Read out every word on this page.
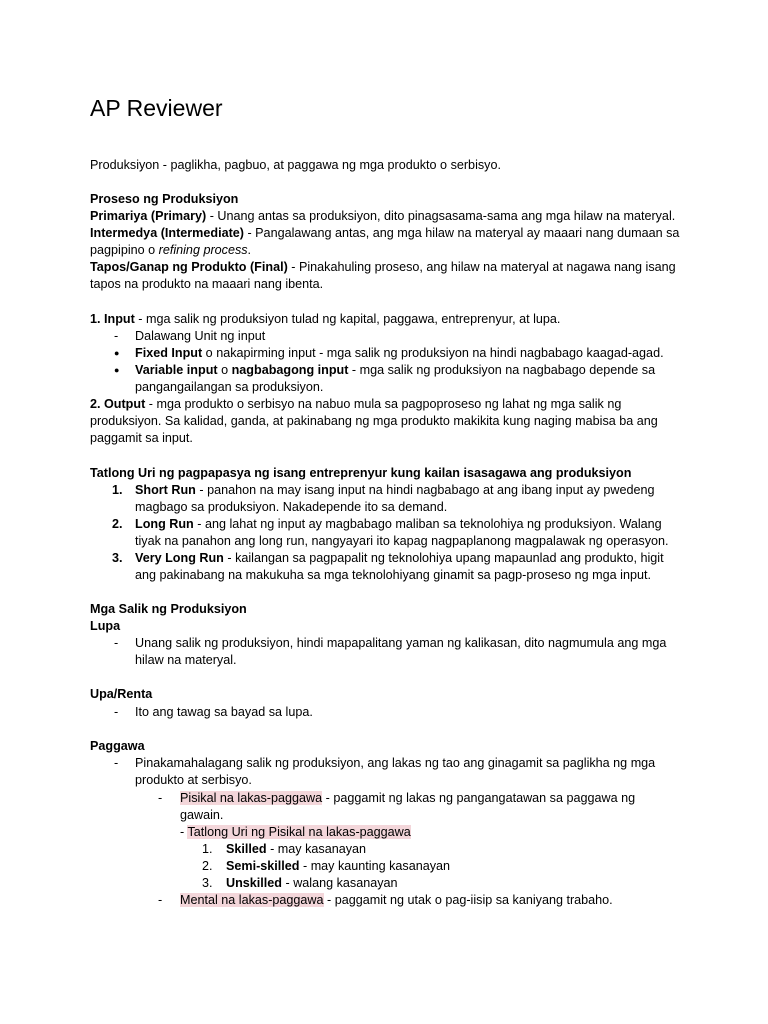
AP Reviewer
Produksiyon - paglikha, pagbuo, at paggawa ng mga produkto o serbisyo.
Proseso ng Produksiyon
Primariya (Primary) - Unang antas sa produksiyon, dito pinagsasama-sama ang mga hilaw na materyal.
Intermedya (Intermediate) - Pangalawang antas, ang mga hilaw na materyal ay maaari nang dumaan sa
pagpipino o refining process.
Tapos/Ganap ng Produkto (Final) - Pinakahuling proseso, ang hilaw na materyal at nagawa nang isang
tapos na produkto na maaari nang ibenta.
1. Input - mga salik ng produksiyon tulad ng kapital, paggawa, entreprenyur, at lupa.
- Dalawang Unit ng input
● Fixed Input o nakapirming input - mga salik ng produksiyon na hindi nagbabago kaagad-agad.
● Variable input o nagbabagong input - mga salik ng produksiyon na nagbabago depende sa
pangangailangan sa produksiyon.
2. Output - mga produkto o serbisyo na nabuo mula sa pagpoproseso ng lahat ng mga salik ng
produksiyon. Sa kalidad, ganda, at pakinabang ng mga produkto makikita kung naging mabisa ba ang
paggamit sa input.
Tatlong Uri ng pagpapasya ng isang entreprenyur kung kailan isasagawa ang produksiyon
1. Short Run - panahon na may isang input na hindi nagbabago at ang ibang input ay pwedeng
magbago sa produksiyon. Nakadepende ito sa demand.
2. Long Run - ang lahat ng input ay magbabago maliban sa teknolohiya ng produksiyon. Walang
tiyak na panahon ang long run, nangyayari ito kapag nagpaplanong magpalawak ng operasyon.
3. Very Long Run - kailangan sa pagpapalit ng teknolohiya upang mapaunlad ang produkto, higit
ang pakinabang na makukuha sa mga teknolohiyang ginamit sa pagp-proseso ng mga input.
Mga Salik ng Produksiyon
Lupa
- Unang salik ng produksiyon, hindi mapapalitang yaman ng kalikasan, dito nagmumula ang mga
hilaw na materyal.
Upa/Renta
- Ito ang tawag sa bayad sa lupa.
Paggawa
- Pinakamahalagang salik ng produksiyon, ang lakas ng tao ang ginagamit sa paglikha ng mga
produkto at serbisyo.
- Pisikal na lakas-paggawa - paggamit ng lakas ng pangangatawan sa paggawa ng
gawain.
- Tatlong Uri ng Pisikal na lakas-paggawa
1. Skilled - may kasanayan
2. Semi-skilled - may kaunting kasanayan
3. Unskilled - walang kasanayan
- Mental na lakas-paggawa - paggamit ng utak o pag-iisip sa kaniyang trabaho.
